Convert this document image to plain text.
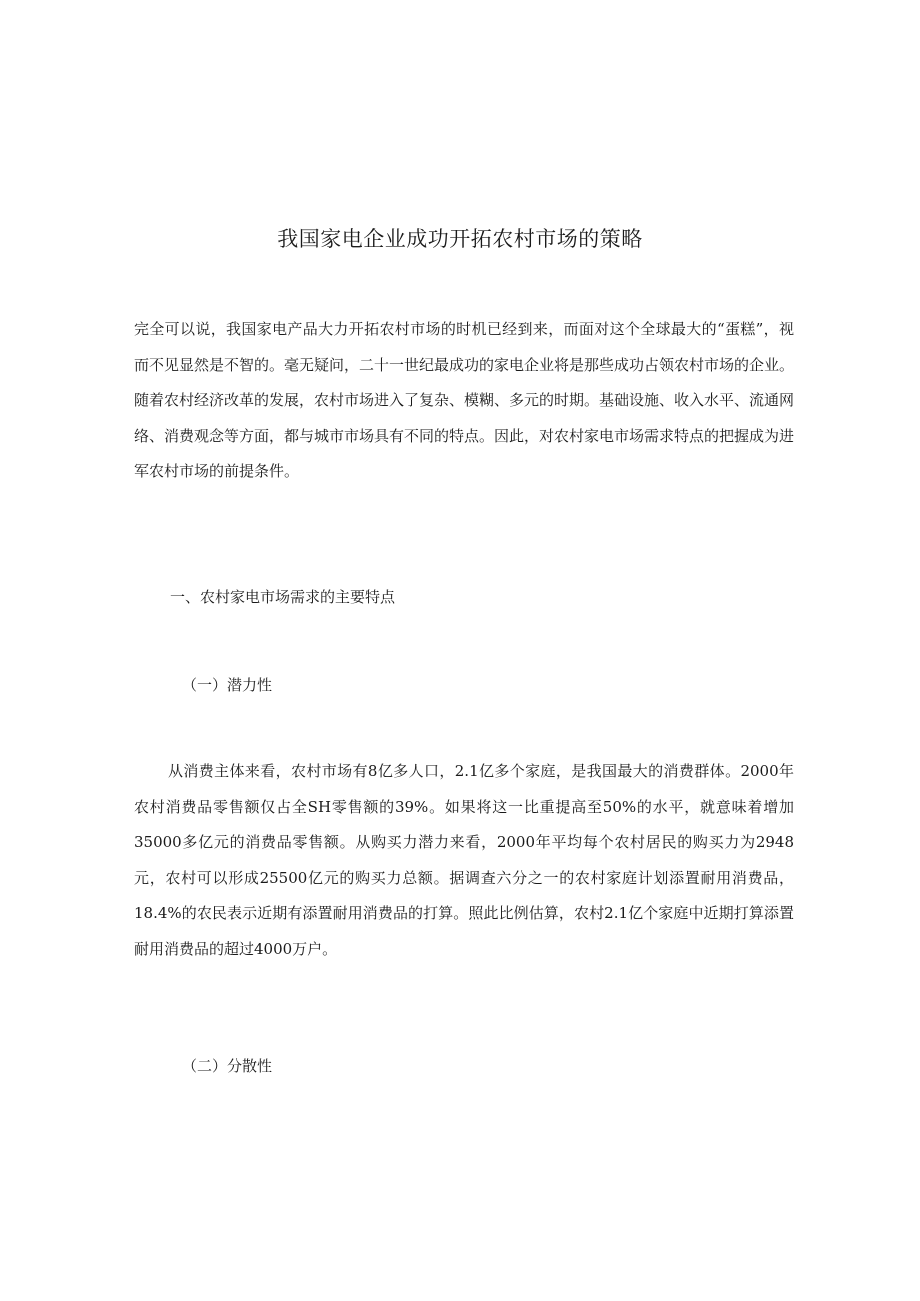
我国家电企业成功开拓农村市场的策略

完全可以说，我国家电产品大力开拓农村市场的时机已经到来，而面对这个全球最大的“蛋糕”，视而不见显然是不智的。毫无疑问，二十一世纪最成功的家电企业将是那些成功占领农村市场的企业。随着农村经济改革的发展，农村市场进入了复杂、模糊、多元的时期。基础设施、收入水平、流通网络、消费观念等方面，都与城市市场具有不同的特点。因此，对农村家电市场需求特点的把握成为进军农村市场的前提条件。

一、农村家电市场需求的主要特点
（一）潜力性

从消费主体来看，农村市场有8亿多人口，2.1亿多个家庭，是我国最大的消费群体。2000年农村消费品零售额仅占全SH零售额的39%。如果将这一比重提高至50%的水平，就意味着增加35000多亿元的消费品零售额。从购买力潜力来看，2000年平均每个农村居民的购买力为2948元，农村可以形成25500亿元的购买力总额。据调查六分之一的农村家庭计划添置耐用消费品，18.4%的农民表示近期有添置耐用消费品的打算。照此比例估算，农村2.1亿个家庭中近期打算添置耐用消费品的超过4000万户。

（二）分散性
